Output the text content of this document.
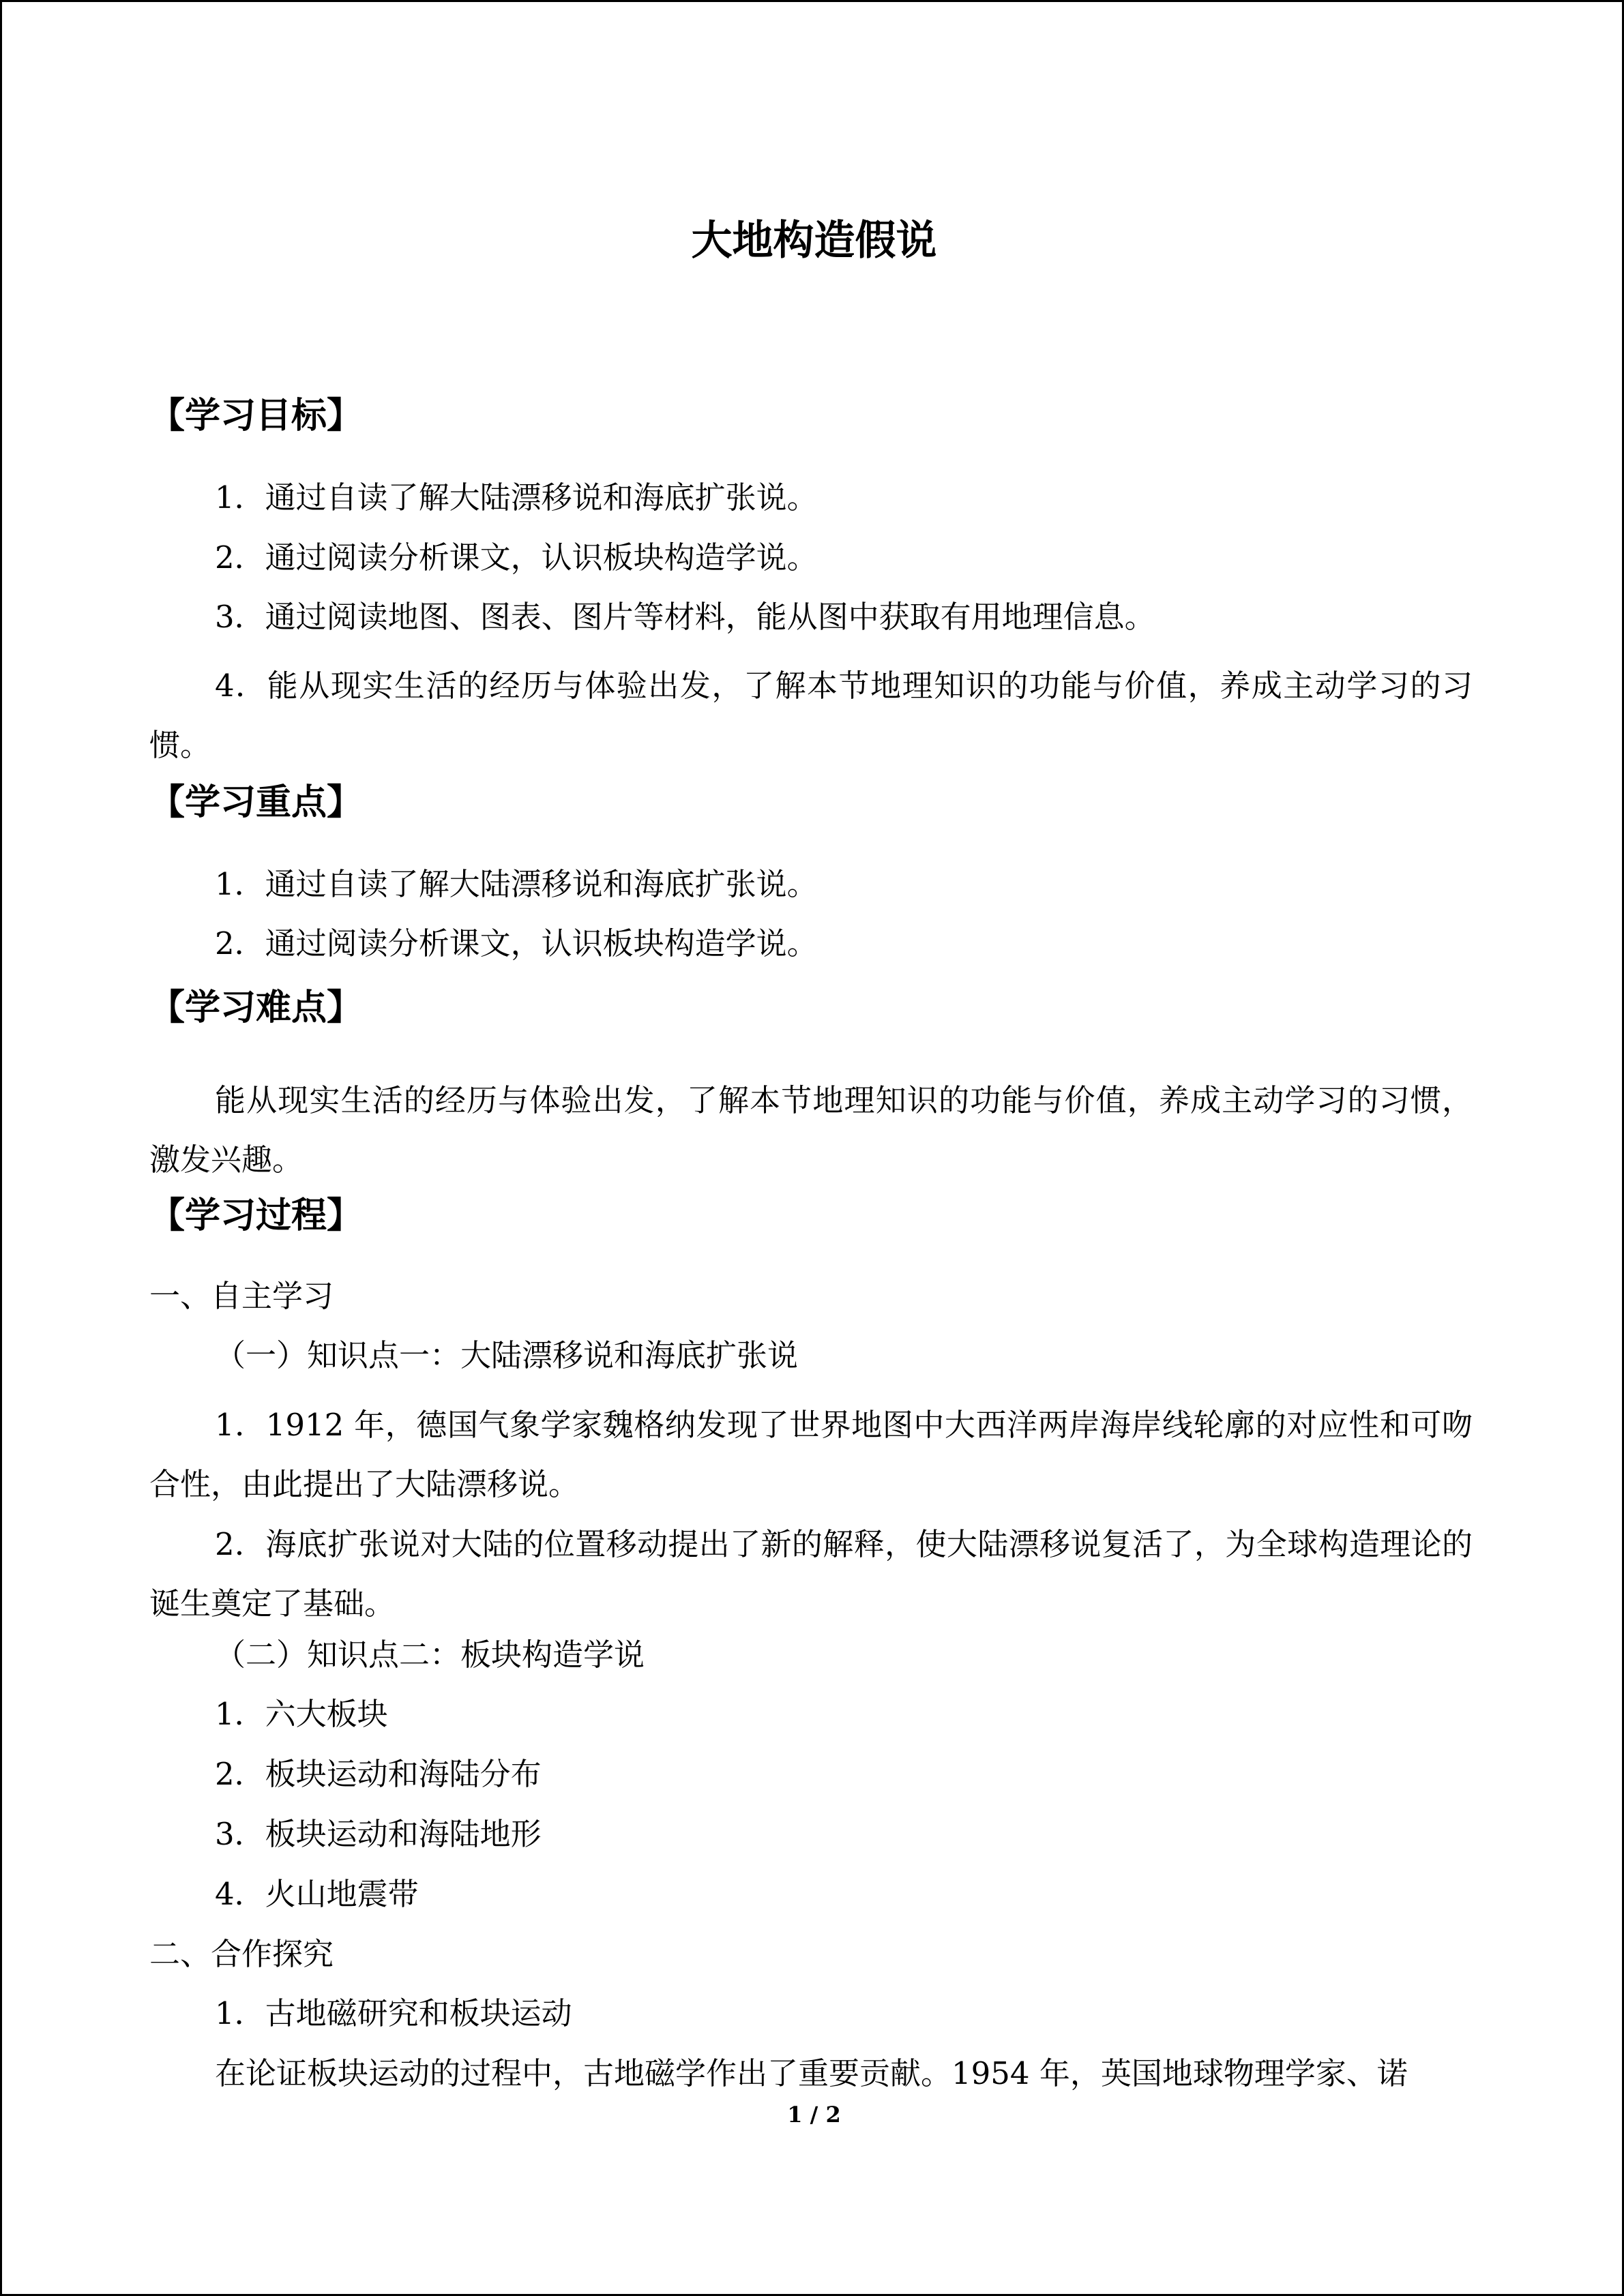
大地构造假说
【学习目标】
1．通过自读了解大陆漂移说和海底扩张说。
2．通过阅读分析课文，认识板块构造学说。
3．通过阅读地图、图表、图片等材料，能从图中获取有用地理信息。
4．能从现实生活的经历与体验出发，了解本节地理知识的功能与价值，养成主动学习的习惯。
【学习重点】
1．通过自读了解大陆漂移说和海底扩张说。
2．通过阅读分析课文，认识板块构造学说。
【学习难点】
能从现实生活的经历与体验出发，了解本节地理知识的功能与价值，养成主动学习的习惯，激发兴趣。
【学习过程】
一、自主学习
（一）知识点一：大陆漂移说和海底扩张说
1．1912 年，德国气象学家魏格纳发现了世界地图中大西洋两岸海岸线轮廓的对应性和可吻合性，由此提出了大陆漂移说。
2．海底扩张说对大陆的位置移动提出了新的解释，使大陆漂移说复活了，为全球构造理论的诞生奠定了基础。
（二）知识点二：板块构造学说
1．六大板块
2．板块运动和海陆分布
3．板块运动和海陆地形
4．火山地震带
二、合作探究
1．古地磁研究和板块运动
在论证板块运动的过程中，古地磁学作出了重要贡献。1954 年，英国地球物理学家、诺
1 / 2
